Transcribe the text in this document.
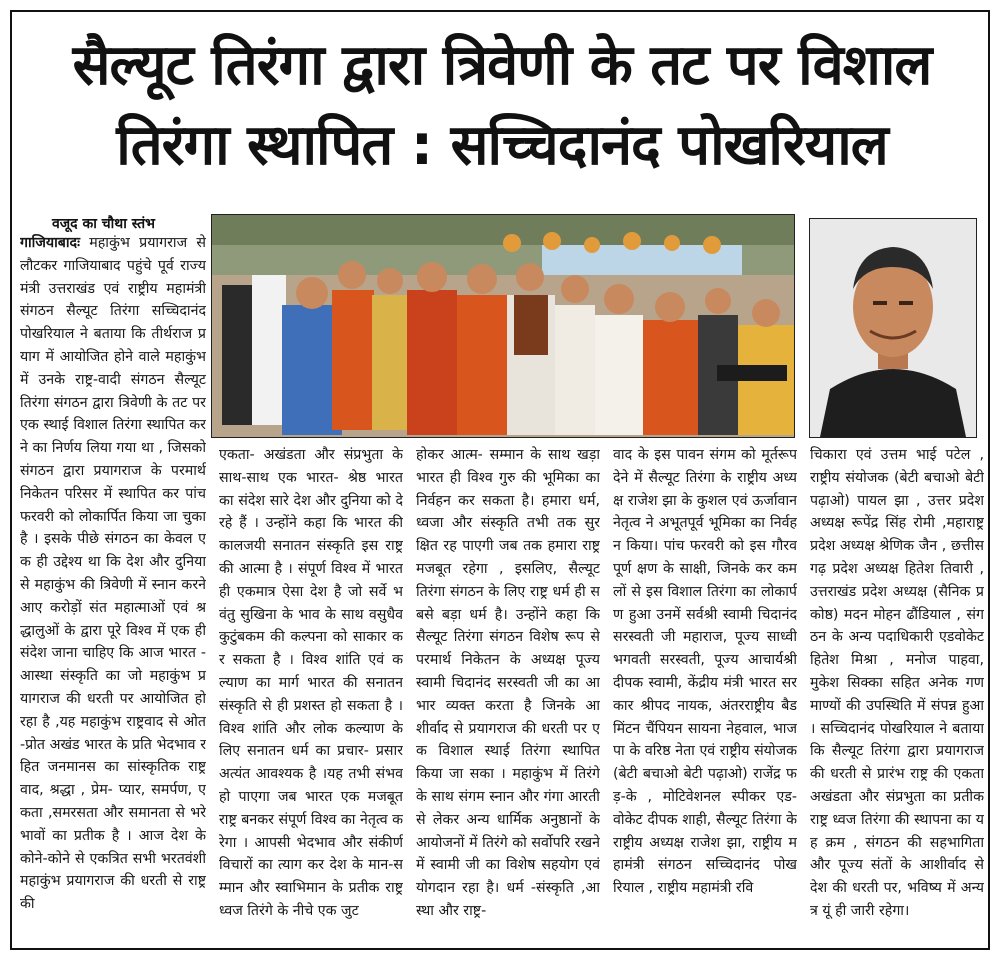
सैल्यूट तिरंगा द्वारा त्रिवेणी के तट पर विशाल
तिरंगा स्थापित : सच्चिदानंद पोखरियाल
वजूद का चौथा स्तंभ
गाजियाबादः महाकुंभ प्रयागराज से लौटकर गाजियाबाद पहुंचे पूर्व राज्य मंत्री उत्तराखंड एवं राष्ट्रीय महामंत्री संगठन सैल्यूट तिरंगा सच्चिदानंद पोखरियाल ने बताया कि तीर्थराज प्रयाग में आयोजित होने वाले महाकुंभ में उनके राष्ट्र-वादी संगठन सैल्यूट तिरंगा संगठन द्वारा त्रिवेणी के तट पर एक स्थाई विशाल तिरंगा स्थापित करने का निर्णय लिया गया था , जिसको संगठन द्वारा प्रयागराज के परमार्थ निकेतन परिसर में स्थापित कर पांच फरवरी को लोकार्पित किया जा चुका है । इसके पीछे संगठन का केवल एक ही उद्देश्य था कि देश और दुनिया से महाकुंभ की त्रिवेणी में स्नान करने आए करोड़ों संत महात्माओं एवं श्रद्धालुओं के द्वारा पूरे विश्व में एक ही संदेश जाना चाहिए कि आज भारत - आस्था संस्कृति का जो महाकुंभ प्रयागराज की धरती पर आयोजित हो रहा है ,यह महाकुंभ राष्ट्रवाद से ओत-प्रोत अखंड भारत के प्रति भेदभाव रहित जनमानस का सांस्कृतिक राष्ट्रवाद, श्रद्धा , प्रेम- प्यार, समर्पण, एकता ,समरसता और समानता से भरे भावों का प्रतीक है । आज देश के कोने-कोने से एकत्रित सभी भरतवंशी महाकुंभ प्रयागराज की धरती से राष्ट्र की
एकता- अखंडता और संप्रभुता के साथ-साथ एक भारत- श्रेष्ठ भारत का संदेश सारे देश और दुनिया को दे रहे हैं । उन्होंने कहा कि भारत की कालजयी सनातन संस्कृति इस राष्ट्र की आत्मा है । संपूर्ण विश्व में भारत ही एकमात्र ऐसा देश है जो सर्वे भवंतु सुखिना के भाव के साथ वसुधैव कुटुंबकम की कल्पना को साकार कर सकता है । विश्व शांति एवं कल्याण का मार्ग भारत की सनातन संस्कृति से ही प्रशस्त हो सकता है । विश्व शांति और लोक कल्याण के लिए सनातन धर्म का प्रचार- प्रसार अत्यंत आवश्यक है ।यह तभी संभव हो पाएगा जब भारत एक मजबूत राष्ट्र बनकर संपूर्ण विश्व का नेतृत्व करेगा । आपसी भेदभाव और संकीर्ण विचारों का त्याग कर देश के मान-सम्मान और स्वाभिमान के प्रतीक राष्ट्रध्वज तिरंगे के नीचे एक जुट
होकर आत्म- सम्मान के साथ खड़ा भारत ही विश्व गुरु की भूमिका का निर्वहन कर सकता है। हमारा धर्म, ध्वजा और संस्कृति तभी तक सुरक्षित रह पाएगी जब तक हमारा राष्ट्र मजबूत रहेगा , इसलिए, सैल्यूट तिरंगा संगठन के लिए राष्ट्र धर्म ही सबसे बड़ा धर्म है। उन्होंने कहा कि सैल्यूट तिरंगा संगठन विशेष रूप से परमार्थ निकेतन के अध्यक्ष पूज्य स्वामी चिदानंद सरस्वती जी का आभार व्यक्त करता है जिनके आशीर्वाद से प्रयागराज की धरती पर एक विशाल स्थाई तिरंगा स्थापित किया जा सका । महाकुंभ में तिरंगे के साथ संगम स्नान और गंगा आरती से लेकर अन्य धार्मिक अनुष्ठानों के आयोजनों में तिरंगे को सर्वोपरि रखने में स्वामी जी का विशेष सहयोग एवं योगदान रहा है। धर्म -संस्कृति ,आस्था और राष्ट्र-
वाद के इस पावन संगम को मूर्तरूप देने में सैल्यूट तिरंगा के राष्ट्रीय अध्यक्ष राजेश झा के कुशल एवं ऊर्जावान नेतृत्व ने अभूतपूर्व भूमिका का निर्वहन किया। पांच फरवरी को इस गौरवपूर्ण क्षण के साक्षी, जिनके कर कमलों से इस विशाल तिरंगा का लोकार्पण हुआ उनमें सर्वश्री स्वामी चिदानंद सरस्वती जी महाराज, पूज्य साध्वी भगवती सरस्वती, पूज्य आचार्यश्री दीपक स्वामी, केंद्रीय मंत्री भारत सरकार श्रीपद नायक, अंतरराष्ट्रीय बैडमिंटन चैंपियन सायना नेहवाल, भाजपा के वरिष्ठ नेता एवं राष्ट्रीय संयोजक (बेटी बचाओ बेटी पढ़ाओ) राजेंद्र फड़-के , मोटिवेशनल स्पीकर एड-वोकेट दीपक शाही, सैल्यूट तिरंगा के राष्ट्रीय अध्यक्ष राजेश झा, राष्ट्रीय महामंत्री संगठन सच्चिदानंद पोखरियाल , राष्ट्रीय महामंत्री रवि
चिकारा एवं उत्तम भाई पटेल , राष्ट्रीय संयोजक (बेटी बचाओ बेटी पढ़ाओ) पायल झा , उत्तर प्रदेश अध्यक्ष रूपेंद्र सिंह रोमी ,महाराष्ट्र प्रदेश अध्यक्ष श्रेणिक जैन , छत्तीसगढ़ प्रदेश अध्यक्ष हितेश तिवारी , उत्तराखंड प्रदेश अध्यक्ष (सैनिक प्रकोष्ठ) मदन मोहन ढौंडियाल , संगठन के अन्य पदाधिकारी एडवोकेट हितेश मिश्रा , मनोज पाहवा, मुकेश सिक्का सहित अनेक गणमाण्यों की उपस्थिति में संपन्न हुआ। सच्चिदानंद पोखरियाल ने बताया कि सैल्यूट तिरंगा द्वारा प्रयागराज की धरती से प्रारंभ राष्ट्र की एकता अखंडता और संप्रभुता का प्रतीक राष्ट्र ध्वज तिरंगा की स्थापना का यह क्रम , संगठन की सहभागिता और पूज्य संतों के आशीर्वाद से देश की धरती पर, भविष्य में अन्यत्र यूं ही जारी रहेगा।
